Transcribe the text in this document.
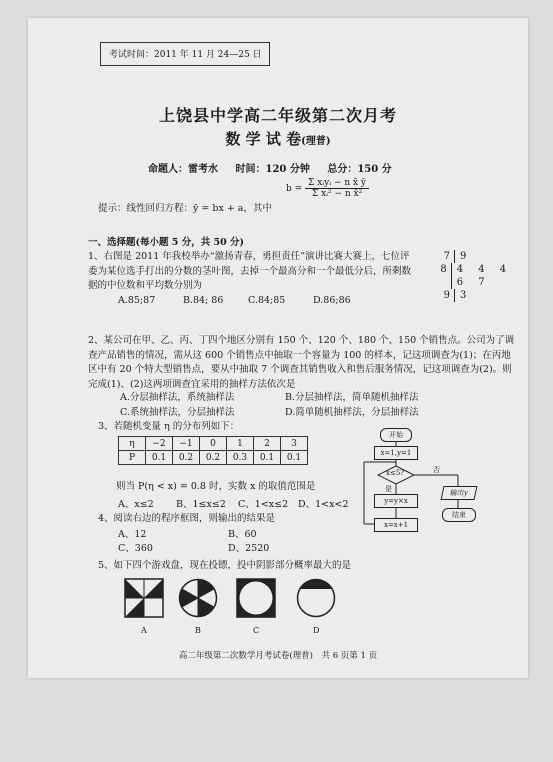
考试时间：2011 年 11 月 24—25 日
上饶县中学高二年级第二次月考
数 学 试 卷(理普)
命题人：雷考水 时间：120 分钟 总分：150 分
提示：线性回归方程：ȳ = bx + a，其中
$b = \frac{\text{Σ xᵢyᵢ − n x̄ ȳ}}{\text{Σ xᵢ² − n x̄²}}$
一、选择题(每小题 5 分，共 50 分)
1、右图是 2011 年我校举办“激扬青春，勇担责任”演讲比赛大赛上，七位评委为某位选手打出的分数的茎叶图，去掉一个最高分和一个最低分后，所剩数据的中位数和平均数分别为
A.85;87	B.84; 86	C.84;85	D.86;86
7	9
8	4 4 4 6 7
9	3
2、某公司在甲、乙、丙、丁四个地区分别有 150 个、120 个、180 个、150 个销售点。公司为了调查产品销售的情况，需从这 600 个销售点中抽取一个容量为 100 的样本，记这项调查为(1)；在丙地区中有 20 个特大型销售点，要从中抽取 7 个调查其销售收入和售后服务情况，记这项调查为(2)。则完成(1)、(2)这两项调查宜采用的抽样方法依次是
A.分层抽样法，系统抽样法	B.分层抽样法，简单随机抽样法
C.系统抽样法，分层抽样法	D.简单随机抽样法，分层抽样法
3、若随机变量 η 的分布列如下：
η	−2	−1	0	1	2	3
P	0.1	0.2	0.2	0.3	0.1	0.1
则当 P(η < x) = 0.8 时，实数 x 的取值范围是
A、x≤2	B、1≤x≤2	C、1<x≤2	D、1<x<2
4、阅读右边的程序框图，则输出的结果是
A、12	B、60
C、360	D、2520
5、如下四个游戏盘，现在投镖，投中阴影部分概率最大的是
A	B	C	D
开始
x=1,y=1
x≤5?	否
是
y=y×x
x=x+1
输出y
结束
高二年级第二次数学月考试卷(理普)　共 6 页第 1 页
